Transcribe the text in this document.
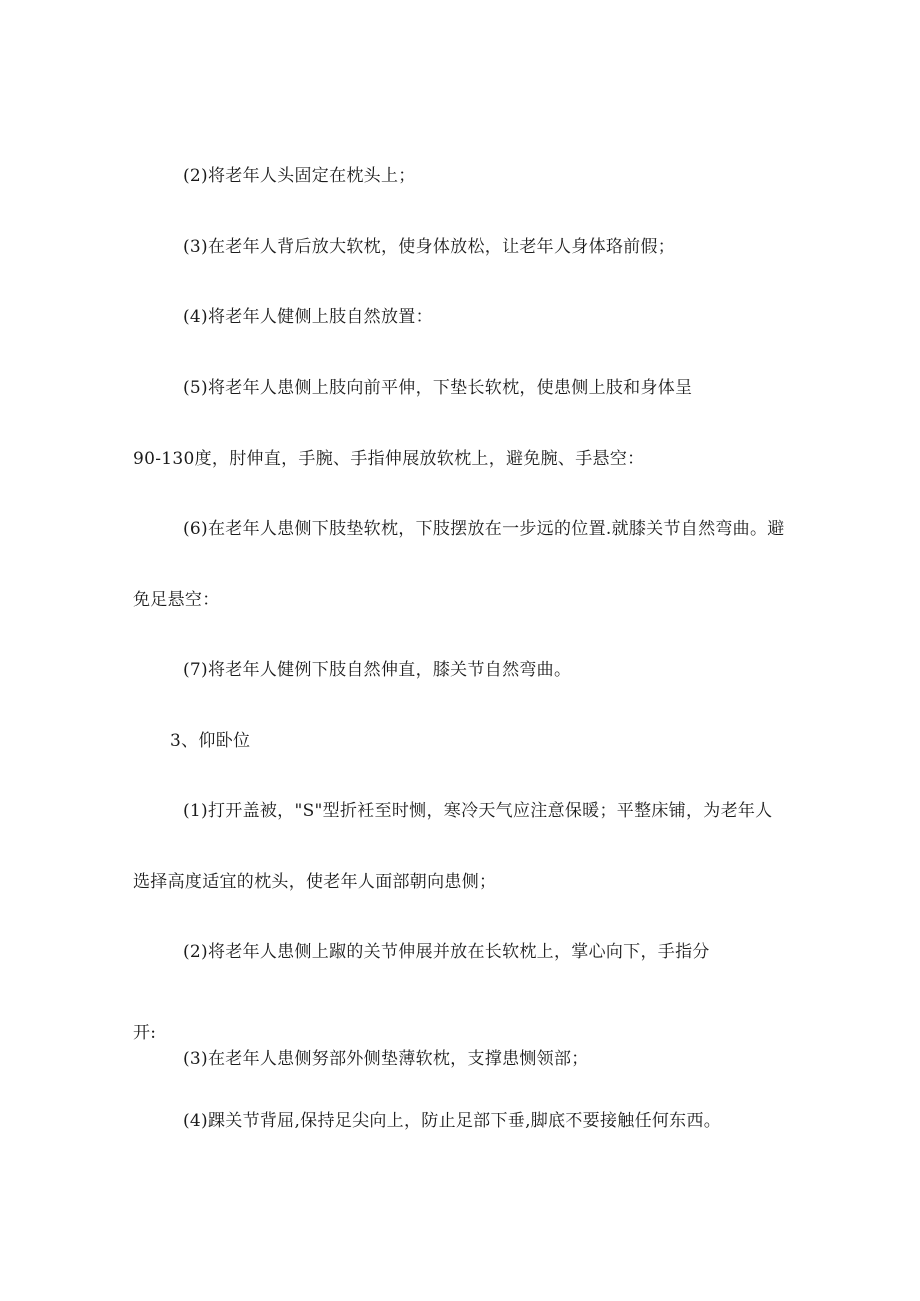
(2)将老年人头固定在枕头上；
(3)在老年人背后放大软枕，使身体放松，让老年人身体珞前假；
(4)将老年人健侧上肢自然放置：
(5)将老年人患侧上肢向前平伸，下垫长软枕，使患侧上肢和身体呈
90-130度，肘伸直，手腕、手指伸展放软枕上，避免腕、手悬空：
(6)在老年人患侧下肢垫软枕，下肢摆放在一步远的位置.就膝关节自然弯曲。避
免足悬空：
(7)将老年人健例下肢自然伸直，膝关节自然弯曲。
3、仰卧位
(1)打开盖被，"S"型折衽至时恻，寒冷天气应注意保暖；平整床铺，为老年人
选择高度适宜的枕头，使老年人面部朝向患侧；
(2)将老年人患侧上踧的关节伸展并放在长软枕上，掌心向下，手指分
开:
(3)在老年人患侧努部外侧垫薄软枕，支撑患恻领部；
(4)踝关节背屈,保持足尖向上，防止足部下垂,脚底不要接触任何东西。
